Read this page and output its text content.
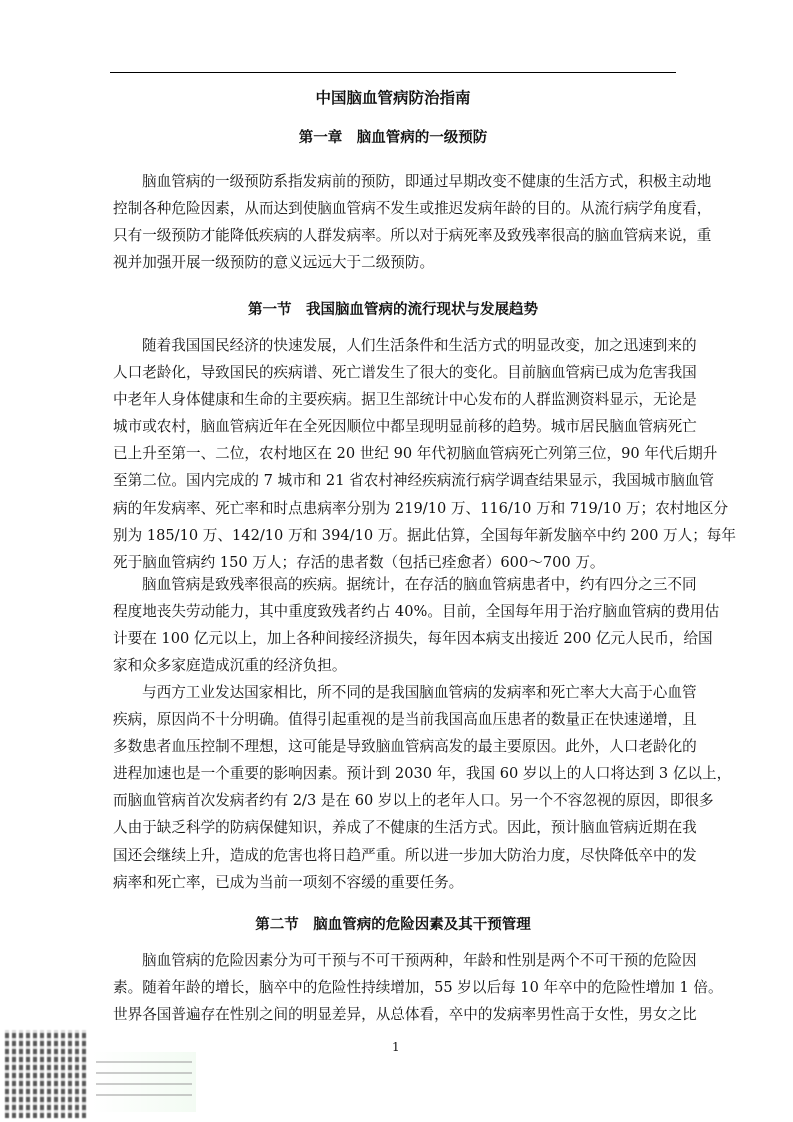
中国脑血管病防治指南
第一章　脑血管病的一级预防
脑血管病的一级预防系指发病前的预防，即通过早期改变不健康的生活方式，积极主动地
控制各种危险因素，从而达到使脑血管病不发生或推迟发病年龄的目的。从流行病学角度看，
只有一级预防才能降低疾病的人群发病率。所以对于病死率及致残率很高的脑血管病来说，重
视并加强开展一级预防的意义远远大于二级预防。
第一节　我国脑血管病的流行现状与发展趋势
随着我国国民经济的快速发展，人们生活条件和生活方式的明显改变，加之迅速到来的
人口老龄化，导致国民的疾病谱、死亡谱发生了很大的变化。目前脑血管病已成为危害我国
中老年人身体健康和生命的主要疾病。据卫生部统计中心发布的人群监测资料显示，无论是
城市或农村，脑血管病近年在全死因顺位中都呈现明显前移的趋势。城市居民脑血管病死亡
已上升至第一、二位，农村地区在 20 世纪 90 年代初脑血管病死亡列第三位，90 年代后期升
至第二位。国内完成的 7 城市和 21 省农村神经疾病流行病学调查结果显示，我国城市脑血管
病的年发病率、死亡率和时点患病率分别为 219/10 万、116/10 万和 719/10 万；农村地区分
别为 185/10 万、142/10 万和 394/10 万。据此估算，全国每年新发脑卒中约 200 万人；每年
死于脑血管病约 150 万人；存活的患者数（包括已痊愈者）600～700 万。
脑血管病是致残率很高的疾病。据统计，在存活的脑血管病患者中，约有四分之三不同
程度地丧失劳动能力，其中重度致残者约占 40%。目前，全国每年用于治疗脑血管病的费用估
计要在 100 亿元以上，加上各种间接经济损失，每年因本病支出接近 200 亿元人民币，给国
家和众多家庭造成沉重的经济负担。
与西方工业发达国家相比，所不同的是我国脑血管病的发病率和死亡率大大高于心血管
疾病，原因尚不十分明确。值得引起重视的是当前我国高血压患者的数量正在快速递增，且
多数患者血压控制不理想，这可能是导致脑血管病高发的最主要原因。此外，人口老龄化的
进程加速也是一个重要的影响因素。预计到 2030 年，我国 60 岁以上的人口将达到 3 亿以上，
而脑血管病首次发病者约有 2/3 是在 60 岁以上的老年人口。另一个不容忽视的原因，即很多
人由于缺乏科学的防病保健知识，养成了不健康的生活方式。因此，预计脑血管病近期在我
国还会继续上升，造成的危害也将日趋严重。所以进一步加大防治力度，尽快降低卒中的发
病率和死亡率，已成为当前一项刻不容缓的重要任务。
第二节　脑血管病的危险因素及其干预管理
脑血管病的危险因素分为可干预与不可干预两种，年龄和性别是两个不可干预的危险因
素。随着年龄的增长，脑卒中的危险性持续增加，55 岁以后每 10 年卒中的危险性增加 1 倍。
世界各国普遍存在性别之间的明显差异，从总体看，卒中的发病率男性高于女性，男女之比
1
